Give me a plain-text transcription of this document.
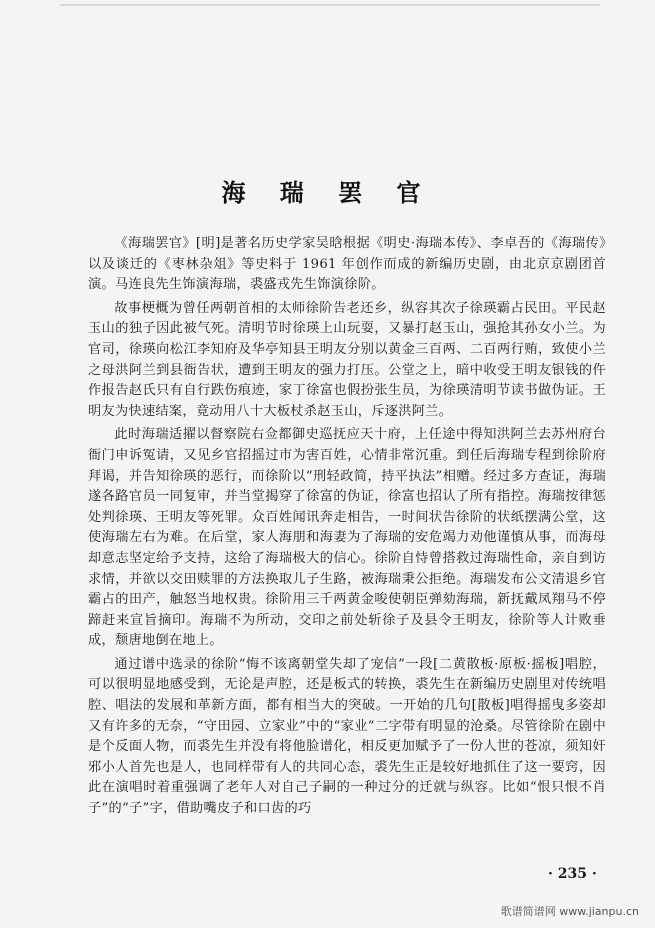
海 瑞 罢 官

《海瑞罢官》[明]是著名历史学家吴晗根据《明史·海瑞本传》、李卓吾的《海瑞传》以及谈迁的《枣林杂俎》等史料于 1961 年创作而成的新编历史剧，由北京京剧团首演。马连良先生饰演海瑞，裘盛戎先生饰演徐阶。

故事梗概为曾任两朝首相的太师徐阶告老还乡，纵容其次子徐瑛霸占民田。平民赵玉山的独子因此被气死。清明节时徐瑛上山玩耍，又暴打赵玉山，强抢其孙女小兰。为官司，徐瑛向松江李知府及华亭知县王明友分别以黄金三百两、二百两行贿，致使小兰之母洪阿兰到县衙告状，遭到王明友的强力打压。公堂之上，暗中收受王明友银钱的仵作报告赵氏只有自行跌伤痕迹，家丁徐富也假扮张生员，为徐瑛清明节读书做伪证。王明友为快速结案，竟动用八十大板杖杀赵玉山，斥逐洪阿兰。

此时海瑞适擢以督察院右佥都御史巡抚应天十府，上任途中得知洪阿兰去苏州府台衙门申诉冤请，又见乡官招摇过市为害百姓，心情非常沉重。到任后海瑞专程到徐阶府拜谒，并告知徐瑛的恶行，而徐阶以“刑轻政简，持平执法”相赠。经过多方查证，海瑞遂各路官员一同复审，并当堂揭穿了徐富的伪证，徐富也招认了所有指控。海瑞按律惩处判徐瑛、王明友等死罪。众百姓闻讯奔走相告，一时间状告徐阶的状纸摆满公堂，这使海瑞左右为难。在后堂，家人海朋和海妻为了海瑞的安危竭力劝他谨慎从事，而海母却意志坚定给予支持，这给了海瑞极大的信心。徐阶自恃曾搭救过海瑞性命，亲自到访求情，并欲以交田赎罪的方法换取儿子生路，被海瑞秉公拒绝。海瑞发布公文清退乡官霸占的田产，触怒当地权贵。徐阶用三千两黄金唆使朝臣弹劾海瑞，新抚戴凤翔马不停蹄赶来宣旨摘印。海瑞不为所动，交印之前处斩徐子及县令王明友，徐阶等人计败垂成，颓唐地倒在地上。

通过谱中选录的徐阶“悔不该离朝堂失却了宠信”一段[二黄散板·原板·摇板]唱腔，可以很明显地感受到，无论是声腔，还是板式的转换，裘先生在新编历史剧里对传统唱腔、唱法的发展和革新方面，都有相当大的突破。一开始的几句[散板]唱得摇曳多姿却又有许多的无奈，“守田园、立家业”中的“家业”二字带有明显的沧桑。尽管徐阶在剧中是个反面人物，而裘先生并没有将他脸谱化，相反更加赋予了一份人世的苍凉，须知奸邪小人首先也是人，也同样带有人的共同心态，裘先生正是较好地抓住了这一要窍，因此在演唱时着重强调了老年人对自己子嗣的一种过分的迁就与纵容。比如“恨只恨不肖子”的“子”字，借助嘴皮子和口齿的巧

· 235 ·
歌谱简谱网 www.jianpu.cn
